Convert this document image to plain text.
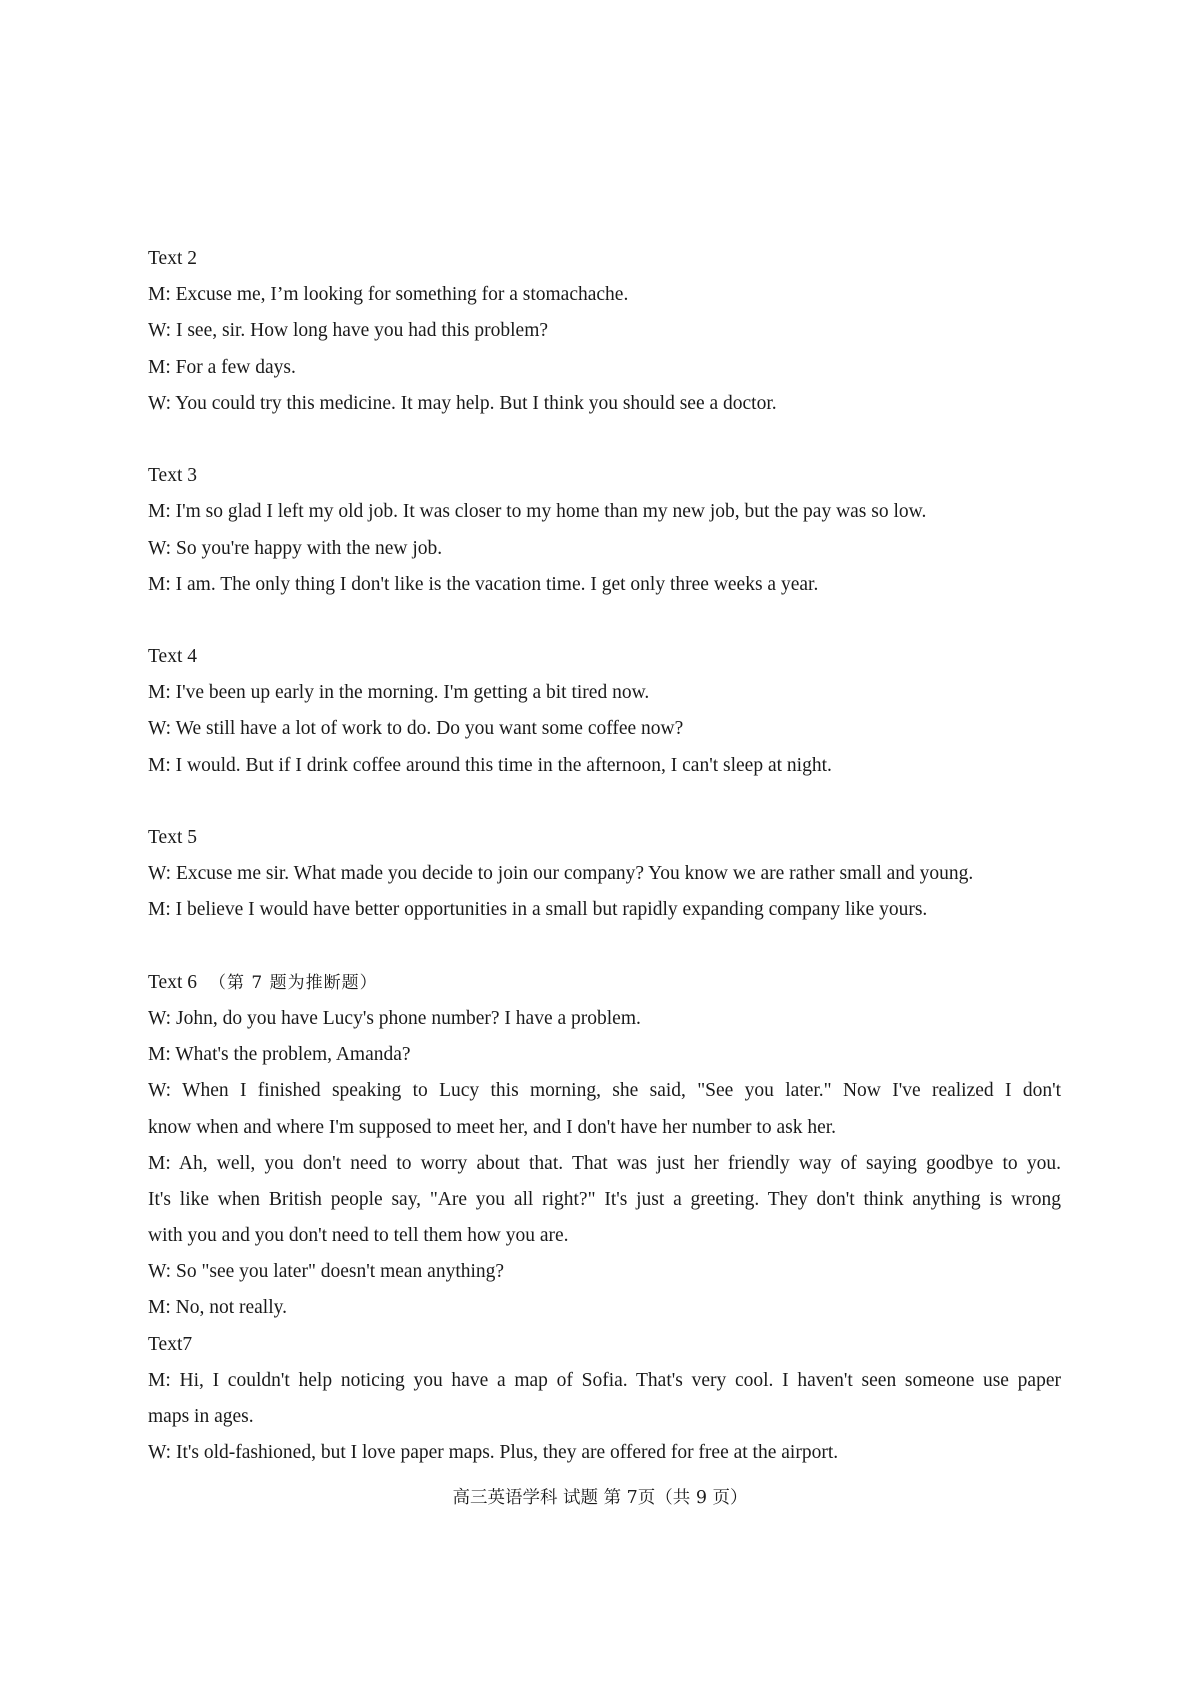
Text 2
M: Excuse me, I’m looking for something for a stomachache.
W: I see, sir. How long have you had this problem?
M: For a few days.
W: You could try this medicine. It may help. But I think you should see a doctor.
Text 3
M: I'm so glad I left my old job. It was closer to my home than my new job, but the pay was so low.
W: So you're happy with the new job.
M: I am. The only thing I don't like is the vacation time. I get only three weeks a year.
Text 4
M: I've been up early in the morning. I'm getting a bit tired now.
W: We still have a lot of work to do. Do you want some coffee now?
M: I would. But if I drink coffee around this time in the afternoon, I can't sleep at night.
Text 5
W: Excuse me sir. What made you decide to join our company? You know we are rather small and young.
M: I believe I would have better opportunities in a small but rapidly expanding company like yours.
Text 6 （第 7 题为推断题）
W: John, do you have Lucy's phone number? I have a problem.
M: What's the problem, Amanda?
W: When I finished speaking to Lucy this morning, she said, "See you later." Now I've realized I don't
know when and where I'm supposed to meet her, and I don't have her number to ask her.
M: Ah, well, you don't need to worry about that. That was just her friendly way of saying goodbye to you.
It's like when British people say, "Are you all right?" It's just a greeting. They don't think anything is wrong
with you and you don't need to tell them how you are.
W: So "see you later" doesn't mean anything?
M: No, not really.
Text7
M: Hi, I couldn't help noticing you have a map of Sofia. That's very cool. I haven't seen someone use paper
maps in ages.
W: It's old-fashioned, but I love paper maps. Plus, they are offered for free at the airport.
高三英语学科 试题 第 7页（共 9 页）
